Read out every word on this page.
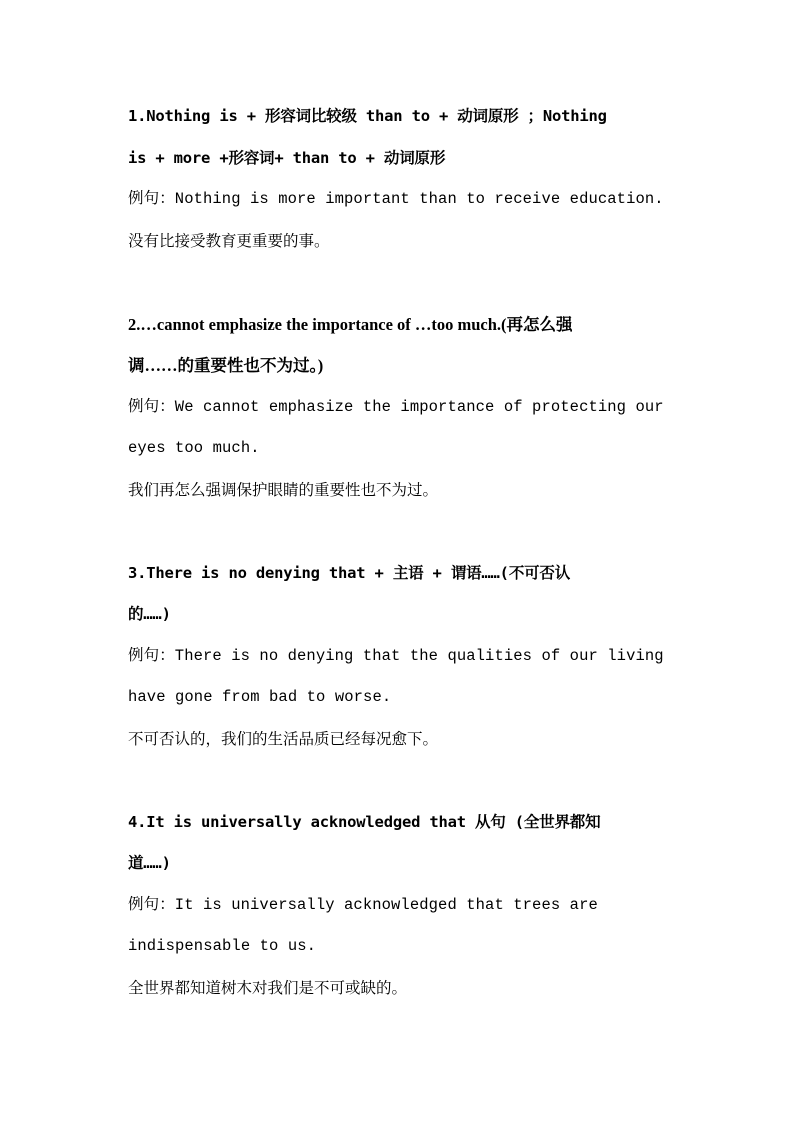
1.Nothing is + 形容词比较级 than to + 动词原形 ；Nothing
is + more +形容词+ than to + 动词原形
例句：Nothing is more important than to receive education.
没有比接受教育更重要的事。
2.…cannot emphasize the importance of …too much.(再怎么强
调……的重要性也不为过。)
例句：We cannot emphasize the importance of protecting our
eyes too much.
我们再怎么强调保护眼睛的重要性也不为过。
3.There is no denying that + 主语 + 谓语……(不可否认
的……)
例句：There is no denying that the qualities of our living
have gone from bad to worse.
不可否认的，我们的生活品质已经每况愈下。
4.It is universally acknowledged that 从句 (全世界都知
道……)
例句：It is universally acknowledged that trees are
indispensable to us.
全世界都知道树木对我们是不可或缺的。
